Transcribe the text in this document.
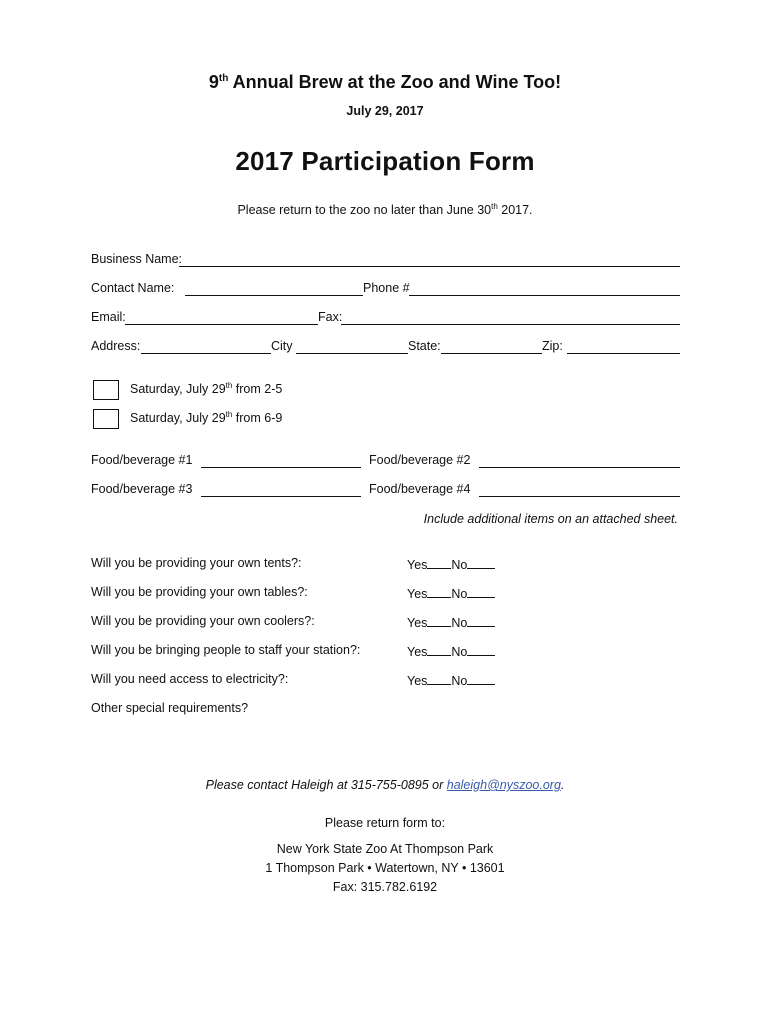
9th Annual Brew at the Zoo and Wine Too!
July 29, 2017
2017 Participation Form
Please return to the zoo no later than June 30th 2017.
Business Name:
Contact Name:	Phone #
Email:	Fax:
Address:	City	State:	Zip:
Saturday, July 29th from 2-5
Saturday, July 29th from 6-9
Food/beverage #1	Food/beverage #2
Food/beverage #3	Food/beverage #4
Include additional items on an attached sheet.
Will you be providing your own tents?:	Yes No
Will you be providing your own tables?:	Yes No
Will you be providing your own coolers?:	Yes No
Will you be bringing people to staff your station?:	Yes No
Will you need access to electricity?:	Yes No
Other special requirements?
Please contact Haleigh at 315-755-0895 or haleigh@nyszoo.org.
Please return form to:
New York State Zoo At Thompson Park
1 Thompson Park • Watertown, NY • 13601
Fax: 315.782.6192
